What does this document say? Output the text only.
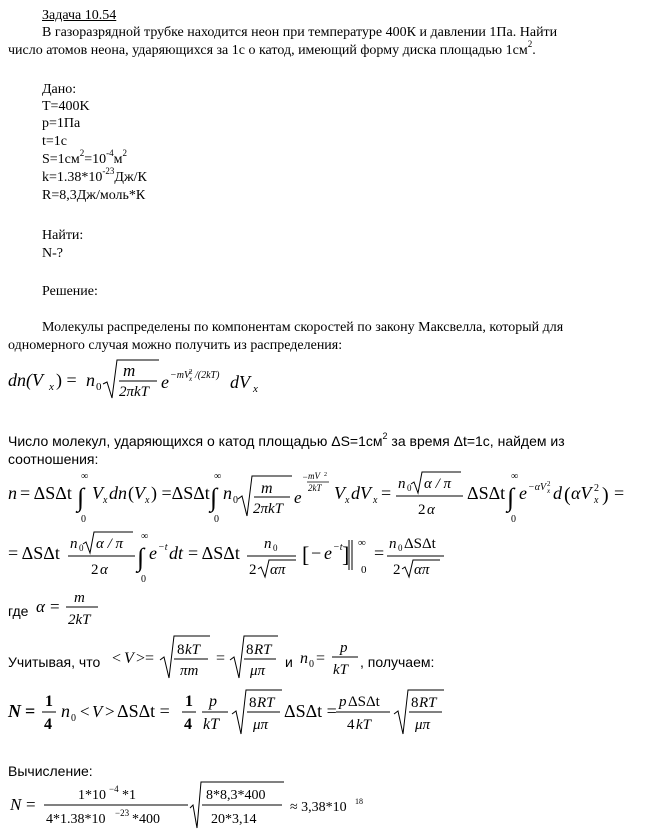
Задача 10.54
В газоразрядной трубке находится неон при температуре 400К и давлении 1Па. Найти
число атомов неона, ударяющихся за 1с о катод, имеющий форму диска площадью $1см^2$.
Дано:
T=400K
p=1Па
t=1с
$S=1см^2=10^{-4}м^2$
$k=1.38*10^{-23}Дж/К$
R=8,3Дж/моль*К
Найти:
N-?
Решение:
Молекулы распределены по компонентам скоростей по закону Максвелла, который для
одномерного случая можно получить из распределения:
dn(V x ) = n 0
m
2πkT e −mV
2
x /(2kT) dV x
Число молекул, ударяющихся о катод площадью $\Delta S=1см^2$ за время Δt=1с, найдем из
соотношения:
n = ΔSΔt
∞
∫
0
V x dn ( V x ) =ΔSΔt
∞
∫
0
n 0
m
2πkT
e
− mV 2
2kT V x dV x = n 0 α / π
2 α
ΔSΔt
∞
∫
0
e −αV 2
x d ( αV x
2 ) =
= ΔSΔt n 0 α / π
2 α
∞
∫
0
e −t dt = ΔSΔt n 0
2 απ
[ − e −t ] ∞
0
= n 0 ΔSΔt
2 απ
где α = m
2kT
Учитывая, что < V >= 8 kT
πm
= 8 RT
μπ
и n 0 =
p
kT , получаем:
N = 1
4
n 0 < V > ΔSΔt = 1
4
p
kT
8 RT
μπ
ΔSΔt = p ΔSΔt
4 kT
8 RT
μπ
Вычисление:
N =	1*10 −4 *1
4*1.38*10 −23 *400
8*8,3*400
20*3,14
≈ 3,38*10 18
